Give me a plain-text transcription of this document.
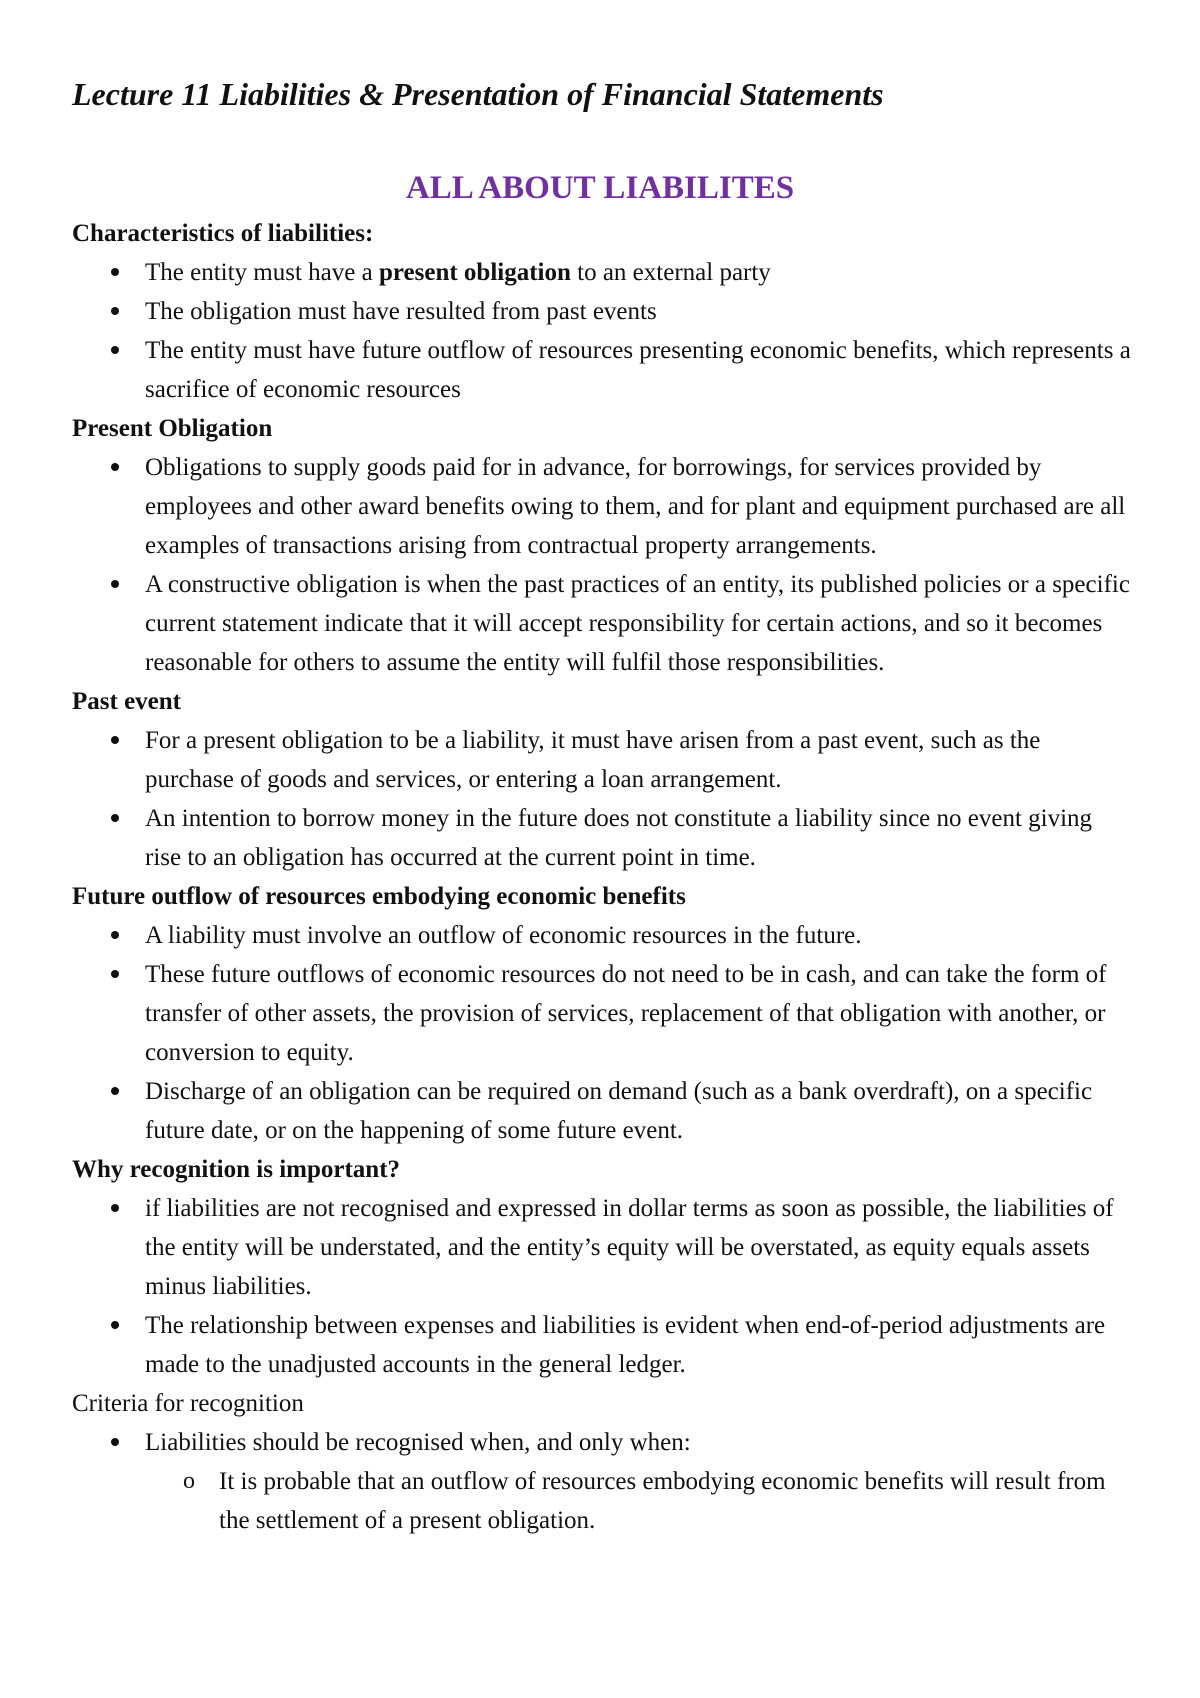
Lecture 11 Liabilities & Presentation of Financial Statements
ALL ABOUT LIABILITES

Characteristics of liabilities:

The entity must have a present obligation to an external party
The obligation must have resulted from past events
The entity must have future outflow of resources presenting economic benefits, which represents a sacrifice of economic resources

Present Obligation

Obligations to supply goods paid for in advance, for borrowings, for services provided by employees and other award benefits owing to them, and for plant and equipment purchased are all examples of transactions arising from contractual property arrangements.
A constructive obligation is when the past practices of an entity, its published policies or a specific current statement indicate that it will accept responsibility for certain actions, and so it becomes reasonable for others to assume the entity will fulfil those responsibilities.

Past event

For a present obligation to be a liability, it must have arisen from a past event, such as the purchase of goods and services, or entering a loan arrangement.
An intention to borrow money in the future does not constitute a liability since no event giving rise to an obligation has occurred at the current point in time.

Future outflow of resources embodying economic benefits

A liability must involve an outflow of economic resources in the future.
These future outflows of economic resources do not need to be in cash, and can take the form of transfer of other assets, the provision of services, replacement of that obligation with another, or conversion to equity.
Discharge of an obligation can be required on demand (such as a bank overdraft), on a specific future date, or on the happening of some future event.

Why recognition is important?

if liabilities are not recognised and expressed in dollar terms as soon as possible, the liabilities of the entity will be understated, and the entity’s equity will be overstated, as equity equals assets minus liabilities.
The relationship between expenses and liabilities is evident when end-of-period adjustments are made to the unadjusted accounts in the general ledger.

Criteria for recognition

Liabilities should be recognised when, and only when:
o It is probable that an outflow of resources embodying economic benefits will result from the settlement of a present obligation.
